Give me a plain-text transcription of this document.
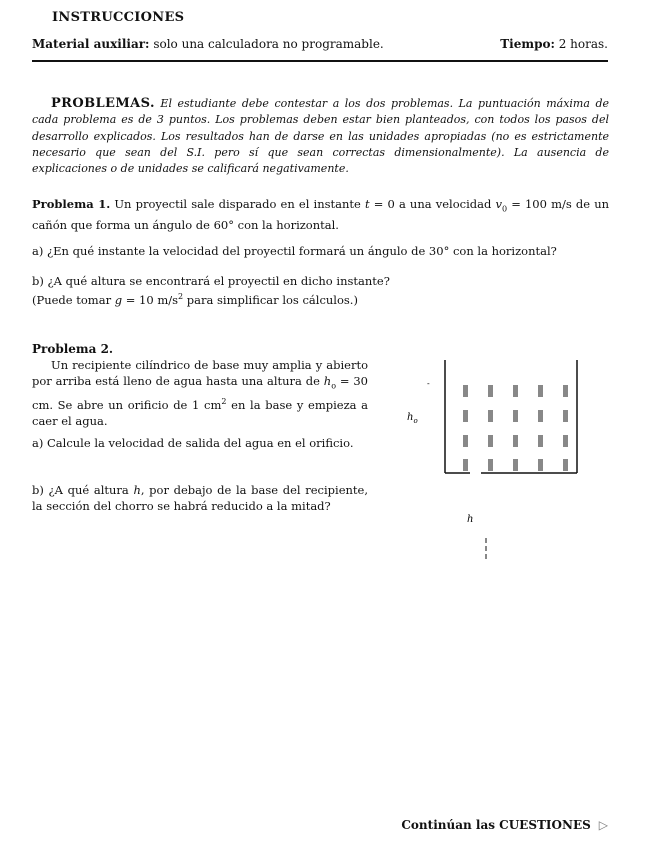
INSTRUCCIONES
Material auxiliar: solo una calculadora no programable.	Tiempo: 2 horas.
PROBLEMAS. El estudiante debe contestar a los dos problemas. La puntuación máxima de cada problema es de 3 puntos. Los problemas deben estar bien planteados, con todos los pasos del desarrollo explicados. Los resultados han de darse en las unidades apropiadas (no es estrictamente necesario que sean del S.I. pero sí que sean correctas dimensionalmente). La ausencia de explicaciones o de unidades se calificará negativamente.
Problema 1. Un proyectil sale disparado en el instante t = 0 a una velocidad $v_0 = 100$ m/s de un cañón que forma un ángulo de 60° con la horizontal.
a) ¿En qué instante la velocidad del proyectil formará un ángulo de 30° con la horizontal?
b) ¿A qué altura se encontrará el proyectil en dicho instante?
(Puede tomar g = 10 $m/s^2$ para simplificar los cálculos.)
Problema 2.
Un recipiente cilíndrico de base muy amplia y abierto por arriba está lleno de agua hasta una altura de $h_o = 30$ cm. Se abre un orificio de 1 $cm^2$ en la base y empieza a caer el agua.
a) Calcule la velocidad de salida del agua en el orificio.
b) ¿A qué altura h, por debajo de la base del recipiente, la sección del chorro se habrá reducido a la mitad?
-
$h_o$
h
Continúan las CUESTIONES ▷
